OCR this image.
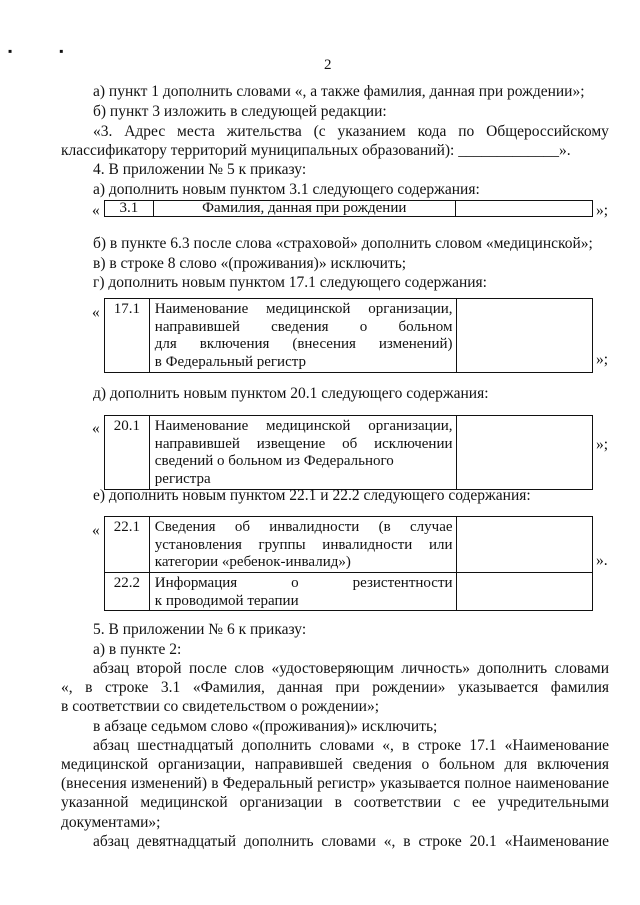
▪ ▪
2
а) пункт 1 дополнить словами «, а также фамилия, данная при рождении»;
б) пункт 3 изложить в следующей редакции:
«3. Адрес места жительства (с указанием кода по Общероссийскому
классификатору территорий муниципальных образований): _____________».
4. В приложении № 5 к приказу:
а) дополнить новым пунктом 3.1 следующего содержания:
« 3.1	Фамилия, данная при рождении		»;
б) в пункте 6.3 после слова «страховой» дополнить словом «медицинской»;
в) в строке 8 слово «(проживания)» исключить;
г) дополнить новым пунктом 17.1 следующего содержания:
« 17.1	Наименование медицинской организации,
направившей сведения о больном
для включения (внесения изменений)
в Федеральный регистр
		»;
д) дополнить новым пунктом 20.1 следующего содержания:
« 20.1	Наименование медицинской организации,
направившей извещение об исключении
сведений о больном из Федерального регистра

»;
е) дополнить новым пунктом 22.1 и 22.2 следующего содержания:
« 22.1	Сведения об инвалидности (в случае
установления группы инвалидности или
категории «ребенок-инвалид»)	

22.2	Информация о резистентности
к проводимой терапии	

».
5. В приложении № 6 к приказу:
а) в пункте 2:
абзац второй после слов «удостоверяющим личность» дополнить словами
«, в строке 3.1 «Фамилия, данная при рождении» указывается фамилия
в соответствии со свидетельством о рождении»;
в абзаце седьмом слово «(проживания)» исключить;
абзац шестнадцатый дополнить словами «, в строке 17.1 «Наименование
медицинской организации, направившей сведения о больном для включения
(внесения изменений) в Федеральный регистр» указывается полное наименование
указанной медицинской организации в соответствии с ее учредительными
документами»;
абзац девятнадцатый дополнить словами «, в строке 20.1 «Наименование
